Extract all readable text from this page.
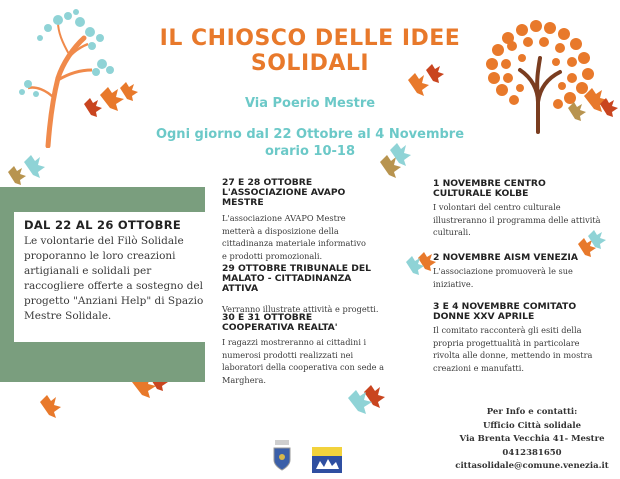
IL CHIOSCO DELLE IDEE
SOLIDALI
Via Poerio Mestre
Ogni giorno dal 22 Ottobre al 4 Novembre
orario 10-18
DAL 22 AL 26 OTTOBRE

Le volontarie del Filò Solidale proporanno le loro creazioni artigianali e solidali per raccogliere offerte a sostegno del progetto "Anziani Help" di Spazio Mestre Solidale.

27 E 28 OTTOBRE L'ASSOCIAZIONE AVAPO MESTRE
L'associazione AVAPO Mestre metterà a disposizione della cittadinanza materiale informativo e prodotti promozionali.
29 OTTOBRE TRIBUNALE DEL MALATO - CITTADINANZA ATTIVA
Verranno illustrate attività e progetti.
30 E 31 OTTOBRE COOPERATIVA REALTA'
I ragazzi mostreranno ai cittadini i numerosi prodotti realizzati nei laboratori della cooperativa con sede a Marghera.
1 NOVEMBRE CENTRO CULTURALE KOLBE
I volontari del centro culturale illustreranno il programma delle attività culturali.
2 NOVEMBRE AISM VENEZIA
L'associazione promuoverà le sue iniziative.
3 E 4 NOVEMBRE COMITATO DONNE XXV APRILE
Il comitato racconterà gli esiti della propria progettualità in particolare rivolta alle donne, mettendo in mostra creazioni e manufatti.
Per Info e contatti:
Ufficio Città solidale
Via Brenta Vecchia 41- Mestre
0412381650
cittasolidale@comune.venezia.it
